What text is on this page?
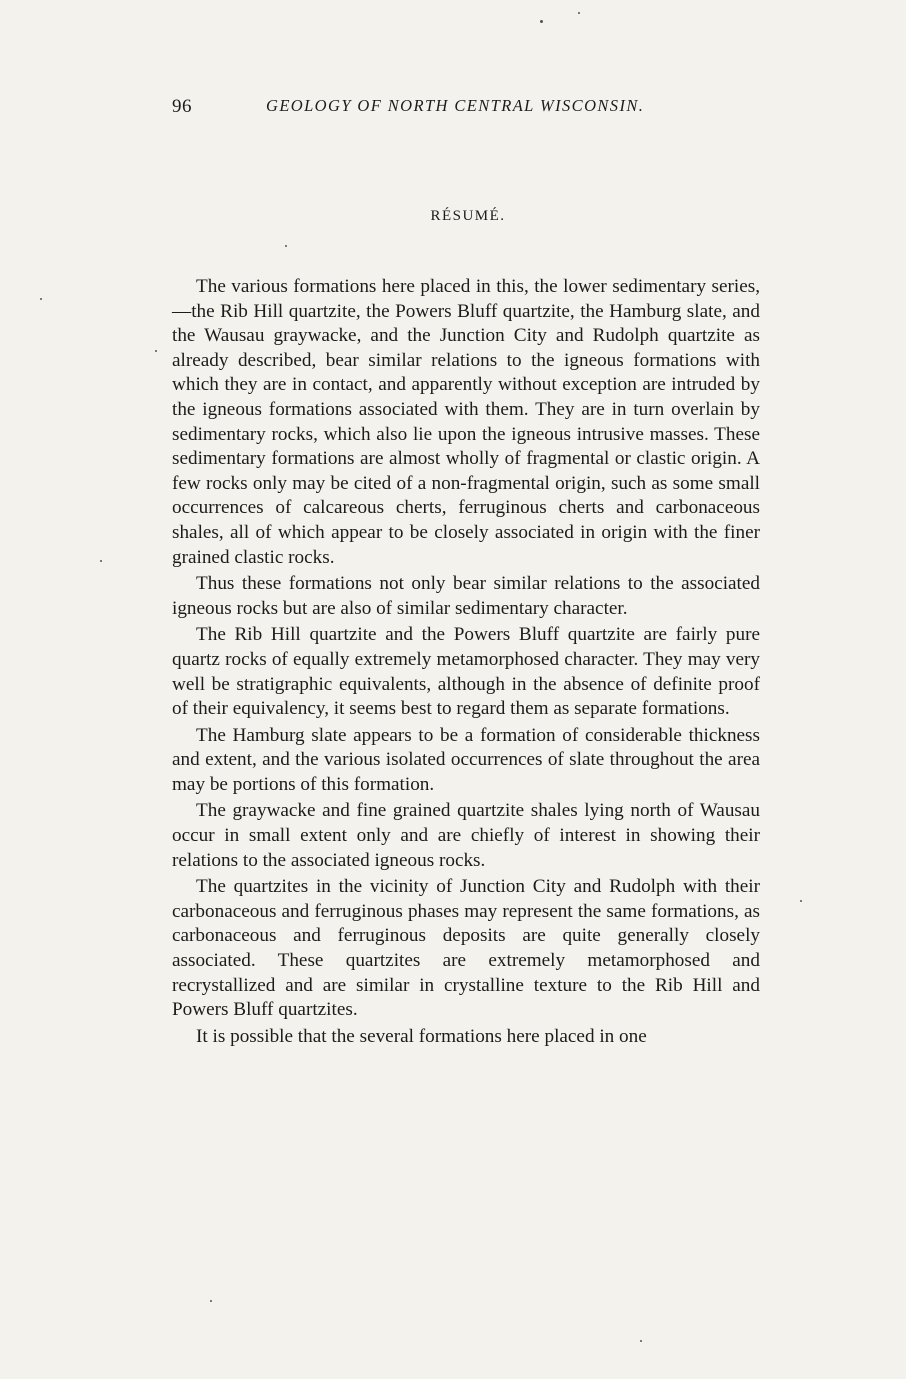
96	GEOLOGY OF NORTH CENTRAL WISCONSIN.
RÉSUMÉ.

The various formations here placed in this, the lower sedimentary series,—the Rib Hill quartzite, the Powers Bluff quartzite, the Hamburg slate, and the Wausau graywacke, and the Junction City and Rudolph quartzite as already described, bear similar relations to the igneous formations with which they are in contact, and apparently without exception are intruded by the igneous formations associated with them. They are in turn overlain by sedimentary rocks, which also lie upon the igneous intrusive masses. These sedimentary formations are almost wholly of fragmental or clastic origin. A few rocks only may be cited of a non-fragmental origin, such as some small occurrences of calcareous cherts, ferruginous cherts and carbonaceous shales, all of which appear to be closely associated in origin with the finer grained clastic rocks.

Thus these formations not only bear similar relations to the associated igneous rocks but are also of similar sedimentary character.

The Rib Hill quartzite and the Powers Bluff quartzite are fairly pure quartz rocks of equally extremely metamorphosed character. They may very well be stratigraphic equivalents, although in the absence of definite proof of their equivalency, it seems best to regard them as separate formations.

The Hamburg slate appears to be a formation of considerable thickness and extent, and the various isolated occurrences of slate throughout the area may be portions of this formation.

The graywacke and fine grained quartzite shales lying north of Wausau occur in small extent only and are chiefly of interest in showing their relations to the associated igneous rocks.

The quartzites in the vicinity of Junction City and Rudolph with their carbonaceous and ferruginous phases may represent the same formations, as carbonaceous and ferruginous deposits are quite generally closely associated. These quartzites are extremely metamorphosed and recrystallized and are similar in crystalline texture to the Rib Hill and Powers Bluff quartzites.

It is possible that the several formations here placed in one
